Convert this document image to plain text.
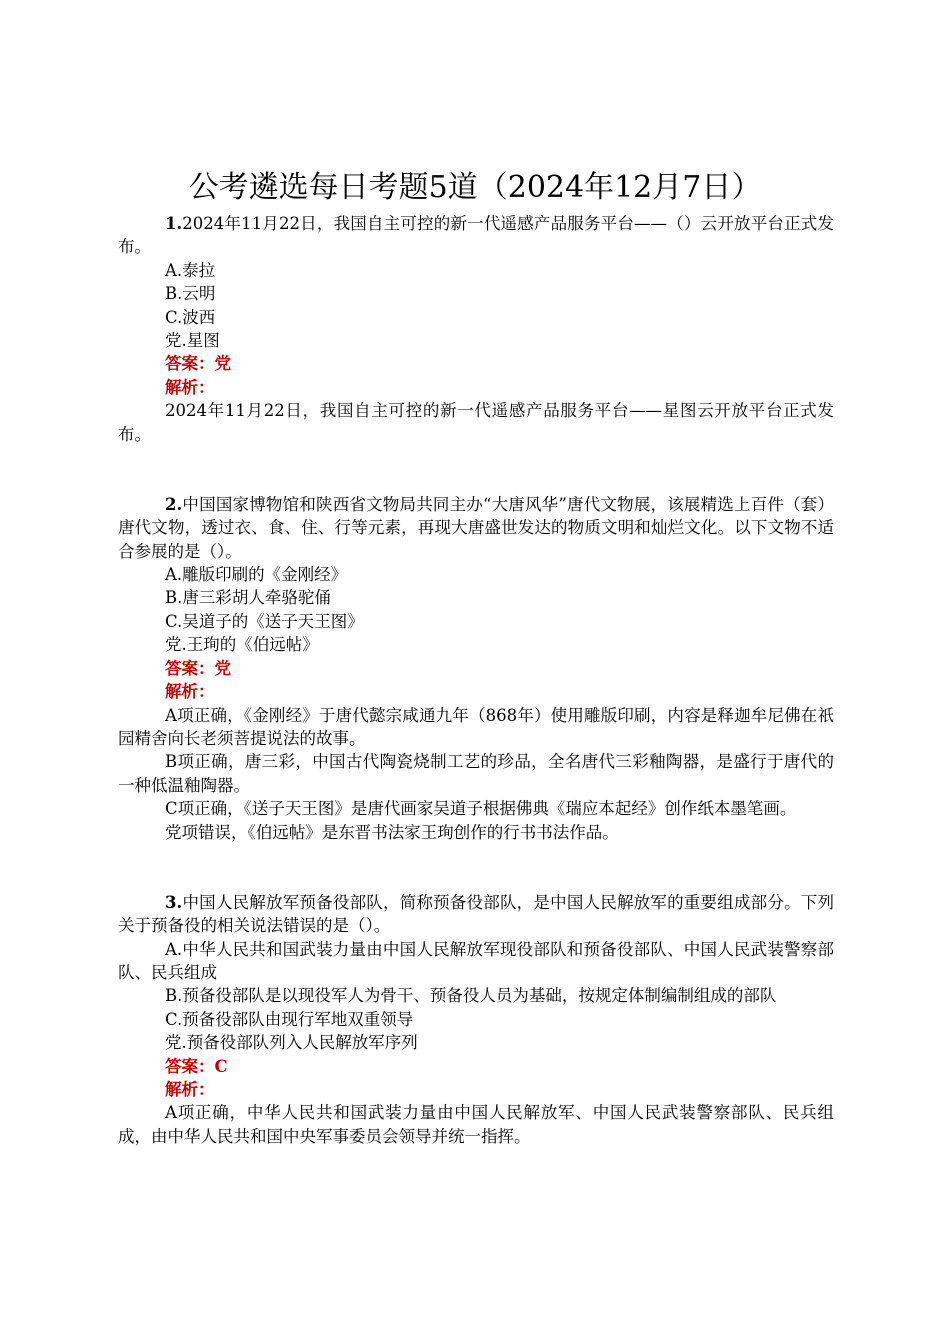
公考遴选每日考题5道（2024年12月7日）

1.2024年11月22日，我国自主可控的新一代遥感产品服务平台——（）云开放平台正式发布。

A.泰拉

B.云明

C.波西

党.星图

答案：党

解析：

2024年11月22日，我国自主可控的新一代遥感产品服务平台——星图云开放平台正式发布。

2.中国国家博物馆和陕西省文物局共同主办“大唐风华”唐代文物展，该展精选上百件（套）唐代文物，透过衣、食、住、行等元素，再现大唐盛世发达的物质文明和灿烂文化。以下文物不适合参展的是（）。

A.雕版印刷的《金刚经》

B.唐三彩胡人牵骆驼俑

C.吴道子的《送子天王图》

党.王珣的《伯远帖》

答案：党

解析：

A项正确，《金刚经》于唐代懿宗咸通九年（868年）使用雕版印刷，内容是释迦牟尼佛在祇园精舍向长老须菩提说法的故事。

B项正确，唐三彩，中国古代陶瓷烧制工艺的珍品，全名唐代三彩釉陶器，是盛行于唐代的一种低温釉陶器。

C项正确，《送子天王图》是唐代画家吴道子根据佛典《瑞应本起经》创作纸本墨笔画。

党项错误，《伯远帖》是东晋书法家王珣创作的行书书法作品。

3.中国人民解放军预备役部队，简称预备役部队，是中国人民解放军的重要组成部分。下列关于预备役的相关说法错误的是（）。

A.中华人民共和国武装力量由中国人民解放军现役部队和预备役部队、中国人民武装警察部队、民兵组成

B.预备役部队是以现役军人为骨干、预备役人员为基础，按规定体制编制组成的部队

C.预备役部队由现行军地双重领导

党.预备役部队列入人民解放军序列

答案：C

解析：

A项正确，中华人民共和国武装力量由中国人民解放军、中国人民武装警察部队、民兵组成，由中华人民共和国中央军事委员会领导并统一指挥。
